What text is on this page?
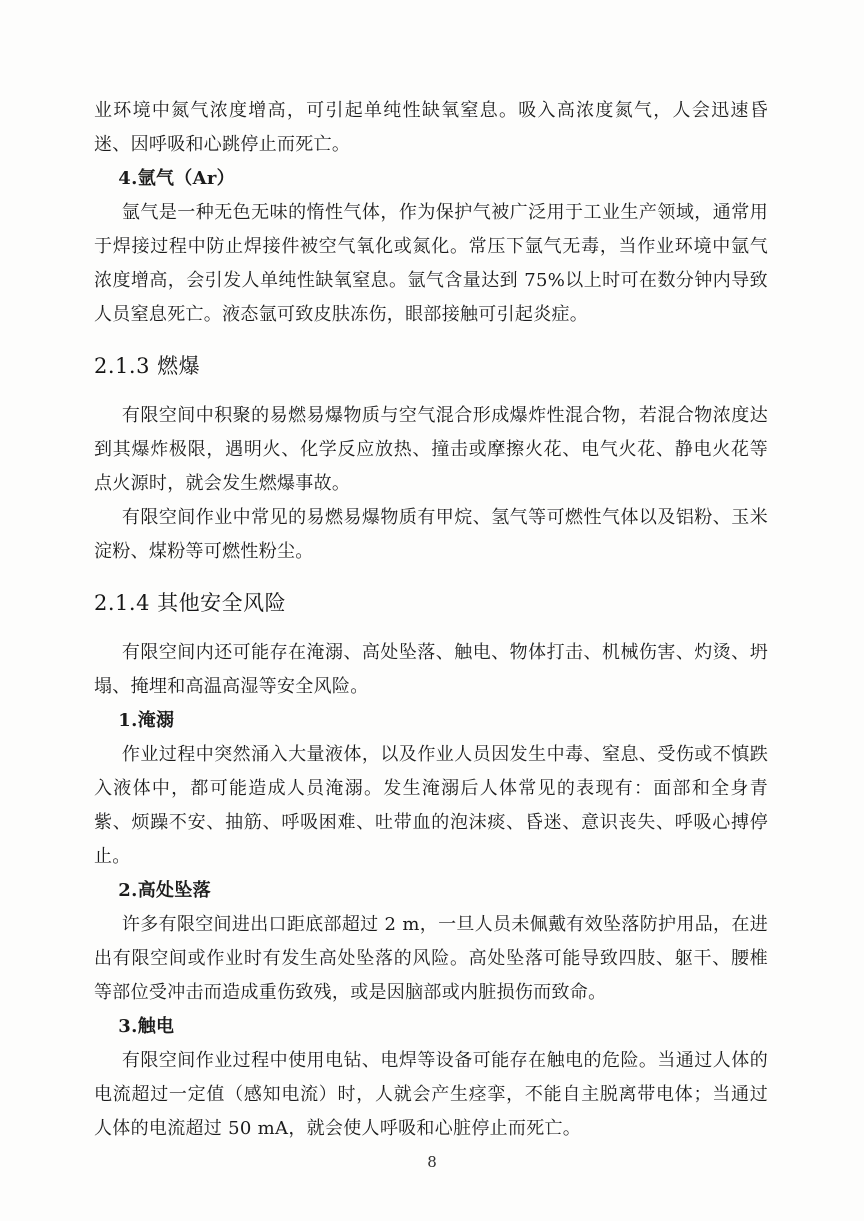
业环境中氮气浓度增高，可引起单纯性缺氧窒息。吸入高浓度氮气，人会迅速昏迷、因呼吸和心跳停止而死亡。

4.氩气（Ar）

氩气是一种无色无味的惰性气体，作为保护气被广泛用于工业生产领域，通常用于焊接过程中防止焊接件被空气氧化或氮化。常压下氩气无毒，当作业环境中氩气浓度增高，会引发人单纯性缺氧窒息。氩气含量达到 75%以上时可在数分钟内导致人员窒息死亡。液态氩可致皮肤冻伤，眼部接触可引起炎症。

2.1.3 燃爆

有限空间中积聚的易燃易爆物质与空气混合形成爆炸性混合物，若混合物浓度达到其爆炸极限，遇明火、化学反应放热、撞击或摩擦火花、电气火花、静电火花等点火源时，就会发生燃爆事故。

有限空间作业中常见的易燃易爆物质有甲烷、氢气等可燃性气体以及铝粉、玉米淀粉、煤粉等可燃性粉尘。

2.1.4 其他安全风险

有限空间内还可能存在淹溺、高处坠落、触电、物体打击、机械伤害、灼烫、坍塌、掩埋和高温高湿等安全风险。

1.淹溺

作业过程中突然涌入大量液体，以及作业人员因发生中毒、窒息、受伤或不慎跌入液体中，都可能造成人员淹溺。发生淹溺后人体常见的表现有：面部和全身青紫、烦躁不安、抽筋、呼吸困难、吐带血的泡沫痰、昏迷、意识丧失、呼吸心搏停止。

2.高处坠落

许多有限空间进出口距底部超过 2 m，一旦人员未佩戴有效坠落防护用品，在进出有限空间或作业时有发生高处坠落的风险。高处坠落可能导致四肢、躯干、腰椎等部位受冲击而造成重伤致残，或是因脑部或内脏损伤而致命。

3.触电

有限空间作业过程中使用电钻、电焊等设备可能存在触电的危险。当通过人体的电流超过一定值（感知电流）时，人就会产生痉挛，不能自主脱离带电体；当通过人体的电流超过 50 mA，就会使人呼吸和心脏停止而死亡。

8
